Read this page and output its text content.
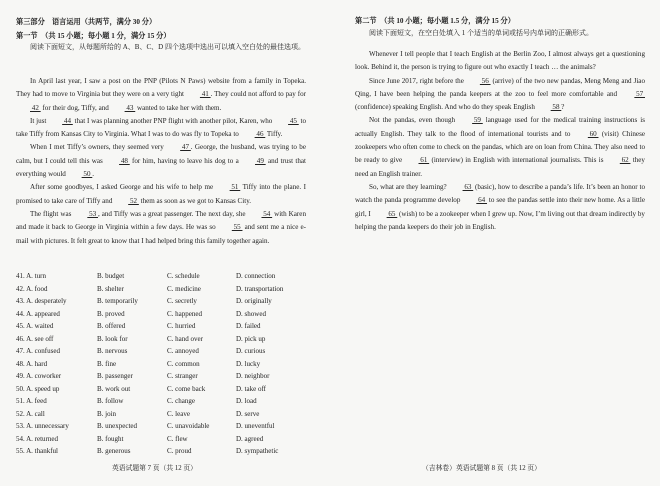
第三部分　语言运用（共两节，满分 30 分）
第一节　（共 15 小题；每小题 1 分，满分 15 分）
阅读下面短文，从每题所给的 A、B、C、D 四个选项中选出可以填入空白处的最佳选项。

In April last year, I saw a post on the PNP (Pilots N Paws) website from a family in Topeka. They had to move to Virginia but they were on a very tight  41 . They could not afford to pay for  42  for their dog, Tiffy, and  43  wanted to take her with them.

It just  44  that I was planning another PNP flight with another pilot, Karen, who  45  to take Tiffy from Kansas City to Virginia. What I was to do was fly to Topeka to  46  Tiffy.

When I met Tiffy’s owners, they seemed very  47 . George, the husband, was trying to be calm, but I could tell this was  48  for him, having to leave his dog to a  49  and trust that everything would  50 .

After some goodbyes, I asked George and his wife to help me  51  Tiffy into the plane. I promised to take care of Tiffy and  52  them as soon as we got to Kansas City.

The flight was  53 , and Tiffy was a great passenger. The next day, she  54  with Karen and made it back to George in Virginia within a few days. He was so  55  and sent me a nice e-mail with pictures. It felt great to know that I had helped bring this family together again.

41. A. turn	B. budget	C. schedule	D. connection
42. A. food	B. shelter	C. medicine	D. transportation
43. A. desperately	B. temporarily	C. secretly	D. originally
44. A. appeared	B. proved	C. happened	D. showed
45. A. waited	B. offered	C. hurried	D. failed
46. A. see off	B. look for	C. hand over	D. pick up
47. A. confused	B. nervous	C. annoyed	D. curious
48. A. hard	B. fine	C. common	D. lucky
49. A. coworker	B. passenger	C. stranger	D. neighbor
50. A. speed up	B. work out	C. come back	D. take off
51. A. feed	B. follow	C. change	D. load
52. A. call	B. join	C. leave	D. serve
53. A. unnecessary	B. unexpected	C. unavoidable	D. uneventful
54. A. returned	B. fought	C. flew	D. agreed
55. A. thankful	B. generous	C. proud	D. sympathetic
英语试题第 7 页（共 12 页）
第二节　（共 10 小题；每小题 1.5 分，满分 15 分）
阅读下面短文，在空白处填入 1 个适当的单词或括号内单词的正确形式。

Whenever I tell people that I teach English at the Berlin Zoo, I almost always get a questioning look. Behind it, the person is trying to figure out who exactly I teach … the animals?

Since June 2017, right before the  56  (arrive) of the two new pandas, Meng Meng and Jiao Qing, I have been helping the panda keepers at the zoo to feel more comfortable and  57  (confidence) speaking English. And who do they speak English  58 ?

Not the pandas, even though  59  language used for the medical training instructions is actually English. They talk to the flood of international tourists and to  60  (visit) Chinese zookeepers who often come to check on the pandas, which are on loan from China. They also need to be ready to give  61  (interview) in English with international journalists. This is  62  they need an English trainer.

So, what are they learning?  63  (basic), how to describe a panda’s life. It’s been an honor to watch the panda programme develop  64  to see the pandas settle into their new home. As a little girl, I  65  (wish) to be a zookeeper when I grew up. Now, I’m living out that dream indirectly by helping the panda keepers do their job in English.

（吉林卷）英语试题第 8 页（共 12 页）
